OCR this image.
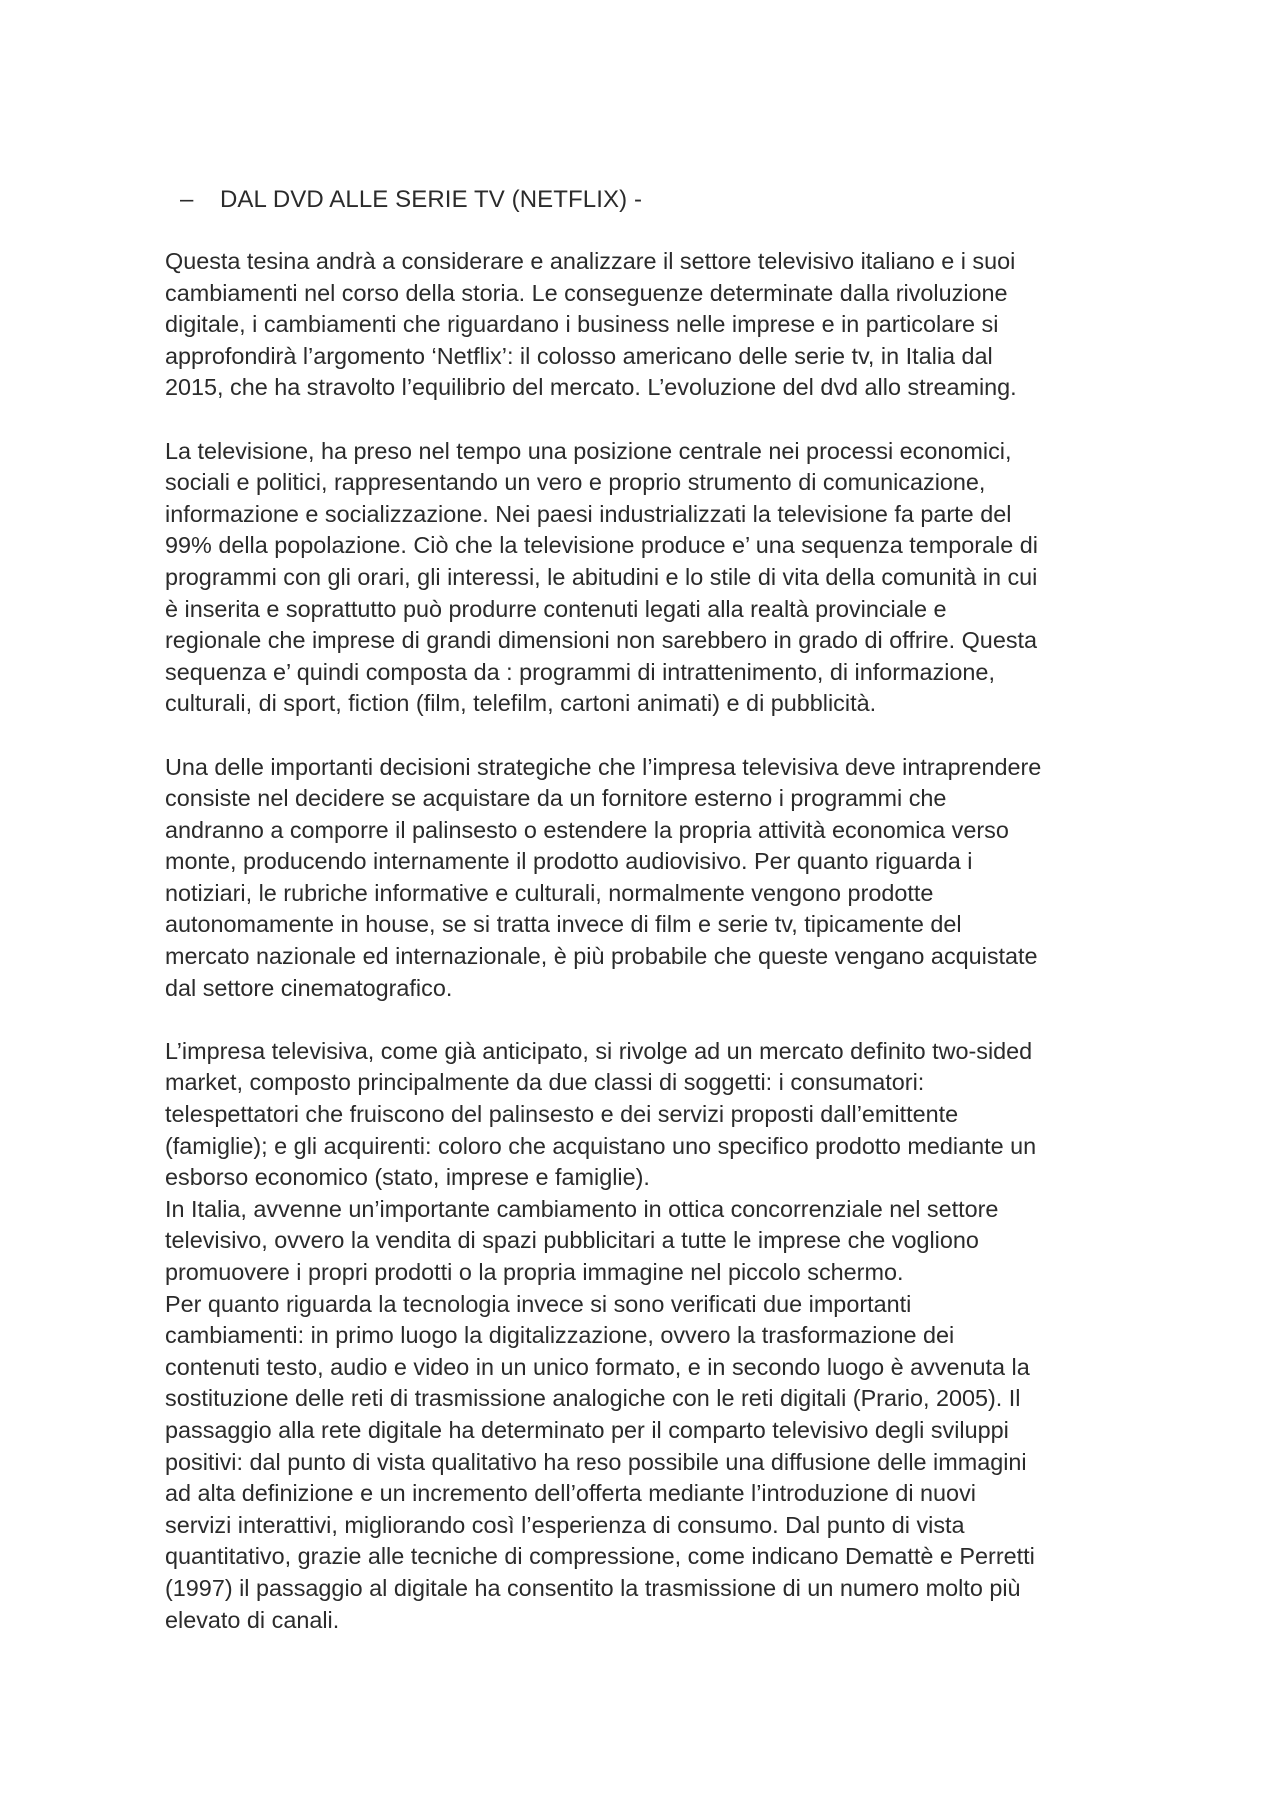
– DAL DVD ALLE SERIE TV (NETFLIX) -

Questa tesina andrà a considerare e analizzare il settore televisivo italiano e i suoi
cambiamenti nel corso della storia. Le conseguenze determinate dalla rivoluzione
digitale, i cambiamenti che riguardano i business nelle imprese e in particolare si
approfondirà l’argomento ‘Netflix’: il colosso americano delle serie tv, in Italia dal
2015, che ha stravolto l’equilibrio del mercato. L’evoluzione del dvd allo streaming.

La televisione, ha preso nel tempo una posizione centrale nei processi economici,
sociali e politici, rappresentando un vero e proprio strumento di comunicazione,
informazione e socializzazione. Nei paesi industrializzati la televisione fa parte del
99% della popolazione. Ciò che la televisione produce e’ una sequenza temporale di
programmi con gli orari, gli interessi, le abitudini e lo stile di vita della comunità in cui
è inserita e soprattutto può produrre contenuti legati alla realtà provinciale e
regionale che imprese di grandi dimensioni non sarebbero in grado di offrire. Questa
sequenza e’ quindi composta da : programmi di intrattenimento, di informazione,
culturali, di sport, fiction (film, telefilm, cartoni animati) e di pubblicità.

Una delle importanti decisioni strategiche che l’impresa televisiva deve intraprendere
consiste nel decidere se acquistare da un fornitore esterno i programmi che
andranno a comporre il palinsesto o estendere la propria attività economica verso
monte, producendo internamente il prodotto audiovisivo. Per quanto riguarda i
notiziari, le rubriche informative e culturali, normalmente vengono prodotte
autonomamente in house, se si tratta invece di film e serie tv, tipicamente del
mercato nazionale ed internazionale, è più probabile che queste vengano acquistate
dal settore cinematografico.

L’impresa televisiva, come già anticipato, si rivolge ad un mercato definito two-sided
market, composto principalmente da due classi di soggetti: i consumatori:
telespettatori che fruiscono del palinsesto e dei servizi proposti dall’emittente
(famiglie); e gli acquirenti: coloro che acquistano uno specifico prodotto mediante un
esborso economico (stato, imprese e famiglie).
In Italia, avvenne un’importante cambiamento in ottica concorrenziale nel settore
televisivo, ovvero la vendita di spazi pubblicitari a tutte le imprese che vogliono
promuovere i propri prodotti o la propria immagine nel piccolo schermo.
Per quanto riguarda la tecnologia invece si sono verificati due importanti
cambiamenti: in primo luogo la digitalizzazione, ovvero la trasformazione dei
contenuti testo, audio e video in un unico formato, e in secondo luogo è avvenuta la
sostituzione delle reti di trasmissione analogiche con le reti digitali (Prario, 2005). Il
passaggio alla rete digitale ha determinato per il comparto televisivo degli sviluppi
positivi: dal punto di vista qualitativo ha reso possibile una diffusione delle immagini
ad alta definizione e un incremento dell’offerta mediante l’introduzione di nuovi
servizi interattivi, migliorando così l’esperienza di consumo. Dal punto di vista
quantitativo, grazie alle tecniche di compressione, come indicano Demattè e Perretti
(1997) il passaggio al digitale ha consentito la trasmissione di un numero molto più
elevato di canali.
